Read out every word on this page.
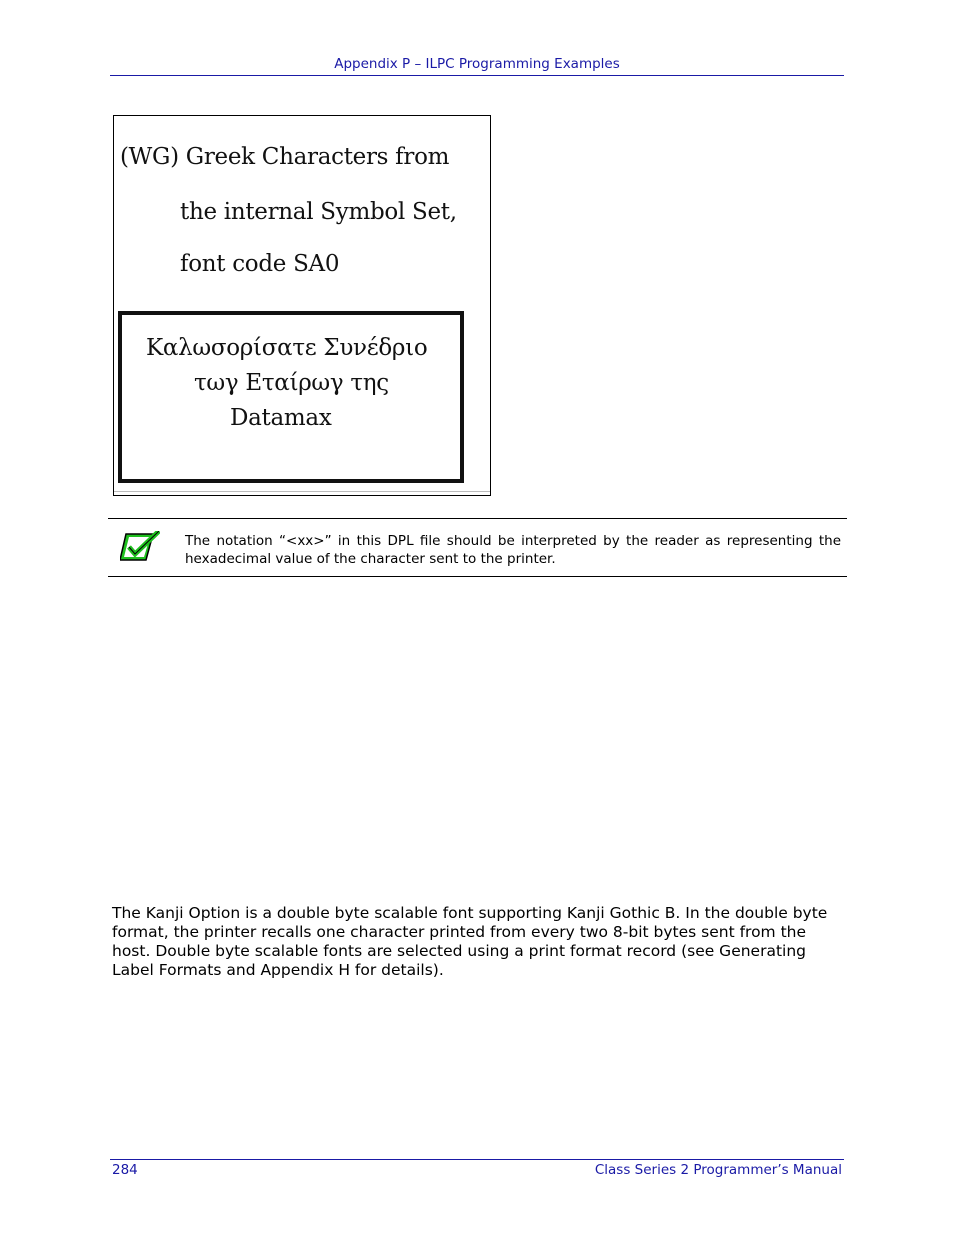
Appendix P – ILPC Programming Examples
(WG) Greek Characters from
the internal Symbol Set,
font code SA0
Καλωσορίσατε Συνέδριο
τωγ Εταίρωγ της
Datamax
The notation “<xx>” in this DPL file should be interpreted by the reader as representing the hexadecimal value of the character sent to the printer.
The Kanji Option is a double byte scalable font supporting Kanji Gothic B. In the double byte format, the printer recalls one character printed from every two 8-bit bytes sent from the host. Double byte scalable fonts are selected using a print format record (see Generating Label Formats and Appendix H for details).
284	Class Series 2 Programmer’s Manual
